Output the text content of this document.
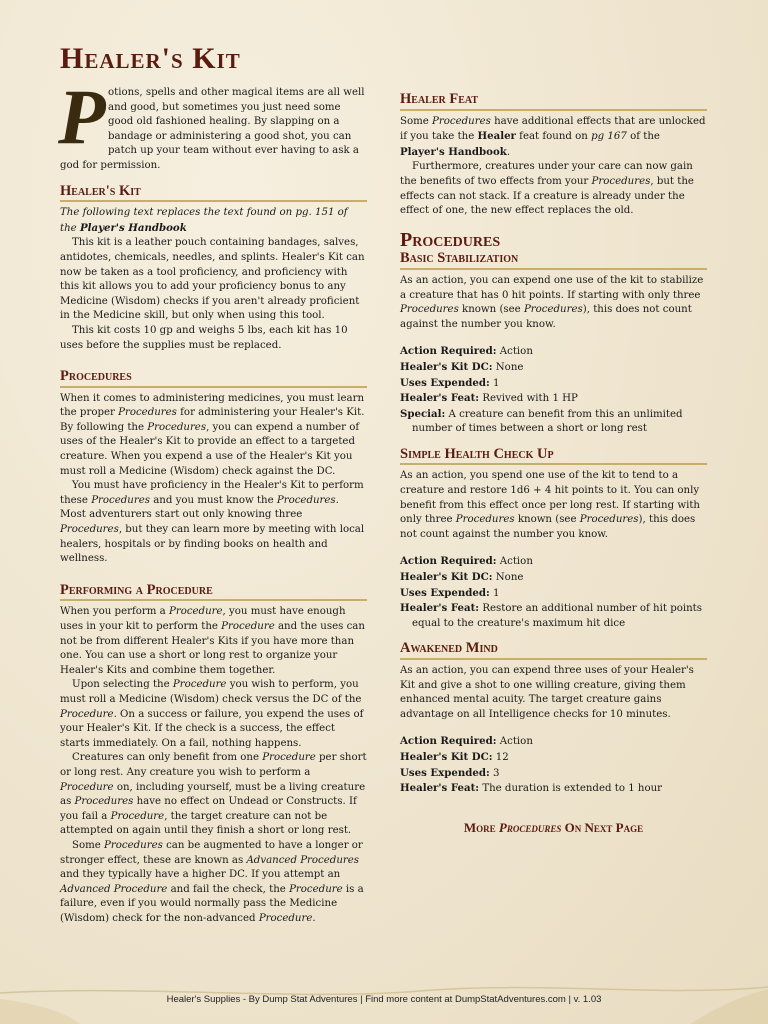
Healer's Kit
P otions, spells and other magical items are all well and good, but sometimes you just need some good old fashioned healing. By slapping on a bandage or administering a good shot, you can patch up your team without ever having to ask a god for permission.

Healer's Kit

The following text replaces the text found on pg. 151 of the Player's Handbook

This kit is a leather pouch containing bandages, salves, antidotes, chemicals, needles, and splints. Healer's Kit can now be taken as a tool proficiency, and proficiency with this kit allows you to add your proficiency bonus to any Medicine (Wisdom) checks if you aren't already proficient in the Medicine skill, but only when using this tool.

This kit costs 10 gp and weighs 5 lbs, each kit has 10 uses before the supplies must be replaced.

Procedures

When it comes to administering medicines, you must learn the proper Procedures for administering your Healer's Kit. By following the Procedures, you can expend a number of uses of the Healer's Kit to provide an effect to a targeted creature. When you expend a use of the Healer's Kit you must roll a Medicine (Wisdom) check against the DC.

You must have proficiency in the Healer's Kit to perform these Procedures and you must know the Procedures. Most adventurers start out only knowing three Procedures, but they can learn more by meeting with local healers, hospitals or by finding books on health and wellness.

Performing a Procedure

When you perform a Procedure, you must have enough uses in your kit to perform the Procedure and the uses can not be from different Healer's Kits if you have more than one. You can use a short or long rest to organize your Healer's Kits and combine them together.

Upon selecting the Procedure you wish to perform, you must roll a Medicine (Wisdom) check versus the DC of the Procedure. On a success or failure, you expend the uses of your Healer's Kit. If the check is a success, the effect starts immediately. On a fail, nothing happens.

Creatures can only benefit from one Procedure per short or long rest. Any creature you wish to perform a Procedure on, including yourself, must be a living creature as Procedures have no effect on Undead or Constructs. If you fail a Procedure, the target creature can not be attempted on again until they finish a short or long rest.

Some Procedures can be augmented to have a longer or stronger effect, these are known as Advanced Procedures and they typically have a higher DC. If you attempt an Advanced Procedure and fail the check, the Procedure is a failure, even if you would normally pass the Medicine (Wisdom) check for the non-advanced Procedure.

Healer Feat

Some Procedures have additional effects that are unlocked if you take the Healer feat found on pg 167 of the Player's Handbook.

Furthermore, creatures under your care can now gain the benefits of two effects from your Procedures, but the effects can not stack. If a creature is already under the effect of one, the new effect replaces the old.

Procedures
Basic Stabilization

As an action, you can expend one use of the kit to stabilize a creature that has 0 hit points. If starting with only three Procedures known (see Procedures), this does not count against the number you know.

Action Required: Action

Healer's Kit DC: None

Uses Expended: 1

Healer's Feat: Revived with 1 HP

Special: A creature can benefit from this an unlimited number of times between a short or long rest

Simple Health Check Up

As an action, you spend one use of the kit to tend to a creature and restore 1d6 + 4 hit points to it. You can only benefit from this effect once per long rest. If starting with only three Procedures known (see Procedures), this does not count against the number you know.

Action Required: Action

Healer's Kit DC: None

Uses Expended: 1

Healer's Feat: Restore an additional number of hit points equal to the creature's maximum hit dice

Awakened Mind

As an action, you can expend three uses of your Healer's Kit and give a shot to one willing creature, giving them enhanced mental acuity. The target creature gains advantage on all Intelligence checks for 10 minutes.

Action Required: Action

Healer's Kit DC: 12

Uses Expended: 3

Healer's Feat: The duration is extended to 1 hour

More Procedures On Next Page
Healer's Supplies - By Dump Stat Adventures | Find more content at DumpStatAdventures.com | v. 1.03
